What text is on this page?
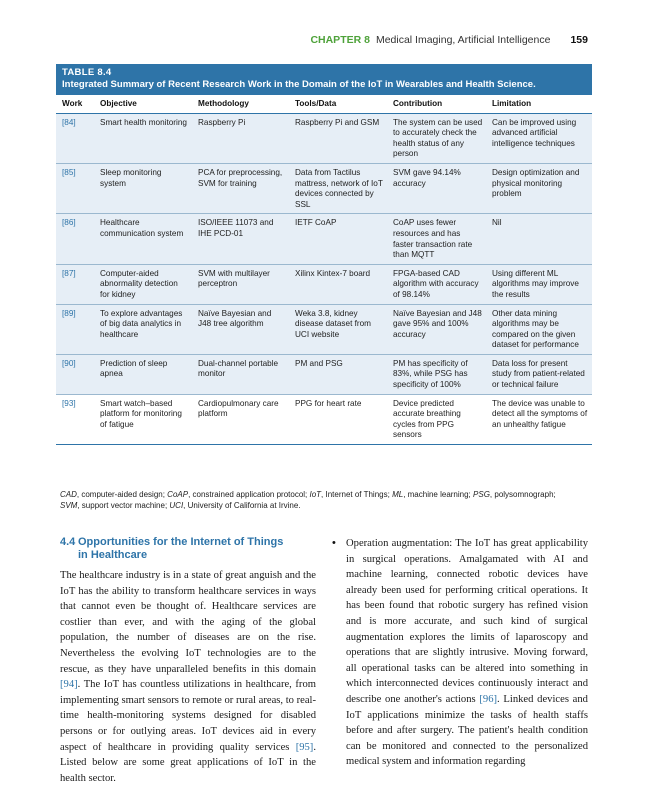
CHAPTER 8 Medical Imaging, Artificial Intelligence 159
TABLE 8.4
Integrated Summary of Recent Research Work in the Domain of the IoT in Wearables and Health Science.
Work	Objective	Methodology	Tools/Data	Contribution	Limitation
[84]	Smart health monitoring	Raspberry Pi	Raspberry Pi and GSM	The system can be used to accurately check the health status of any person	Can be improved using advanced artificial intelligence techniques
[85]	Sleep monitoring system	PCA for preprocessing, SVM for training	Data from Tactilus mattress, network of IoT devices connected by SSL	SVM gave 94.14% accuracy	Design optimization and physical monitoring problem
[86]	Healthcare communication system	ISO/IEEE 11073 and IHE PCD-01	IETF CoAP	CoAP uses fewer resources and has faster transaction rate than MQTT	Nil
[87]	Computer-aided abnormality detection for kidney	SVM with multilayer perceptron	Xilinx Kintex-7 board	FPGA-based CAD algorithm with accuracy of 98.14%	Using different ML algorithms may improve the results
[89]	To explore advantages of big data analytics in healthcare	Naïve Bayesian and J48 tree algorithm	Weka 3.8, kidney disease dataset from UCI website	Naïve Bayesian and J48 gave 95% and 100% accuracy	Other data mining algorithms may be compared on the given dataset for performance
[90]	Prediction of sleep apnea	Dual-channel portable monitor	PM and PSG	PM has specificity of 83%, while PSG has specificity of 100%	Data loss for present study from patient-related or technical failure
[93]	Smart watch–based platform for monitoring of fatigue	Cardiopulmonary care platform	PPG for heart rate	Device predicted accurate breathing cycles from PPG sensors	The device was unable to detect all the symptoms of an unhealthy fatigue
CAD, computer-aided design; CoAP, constrained application protocol; IoT, Internet of Things; ML, machine learning; PSG, polysomnograph;
SVM, support vector machine; UCI, University of California at Irvine.
4.4 Opportunities for the Internet of Things
in Healthcare

The healthcare industry is in a state of great anguish and the IoT has the ability to transform healthcare services in ways that cannot even be thought of. Healthcare services are costlier than ever, and with the aging of the global population, the number of diseases are on the rise. Nevertheless the evolving IoT technologies are to the rescue, as they have unparalleled benefits in this domain [94]. The IoT has countless utilizations in healthcare, from implementing smart sensors to remote or rural areas, to real-time health-monitoring systems designed for disabled persons or for outlying areas. IoT devices aid in every aspect of healthcare in providing quality services [95]. Listed below are some great applications of IoT in the health sector.

• Operation augmentation: The IoT has great applicability in surgical operations. Amalgamated with AI and machine learning, connected robotic devices have already been used for performing critical operations. It has been found that robotic surgery has refined vision and is more accurate, and such kind of surgical augmentation explores the limits of laparoscopy and operations that are slightly intrusive. Moving forward, all operational tasks can be altered into something in which interconnected devices continuously interact and describe one another's actions [96]. Linked devices and IoT applications minimize the tasks of health staffs before and after surgery. The patient's health condition can be monitored and connected to the personalized medical system and information regarding
